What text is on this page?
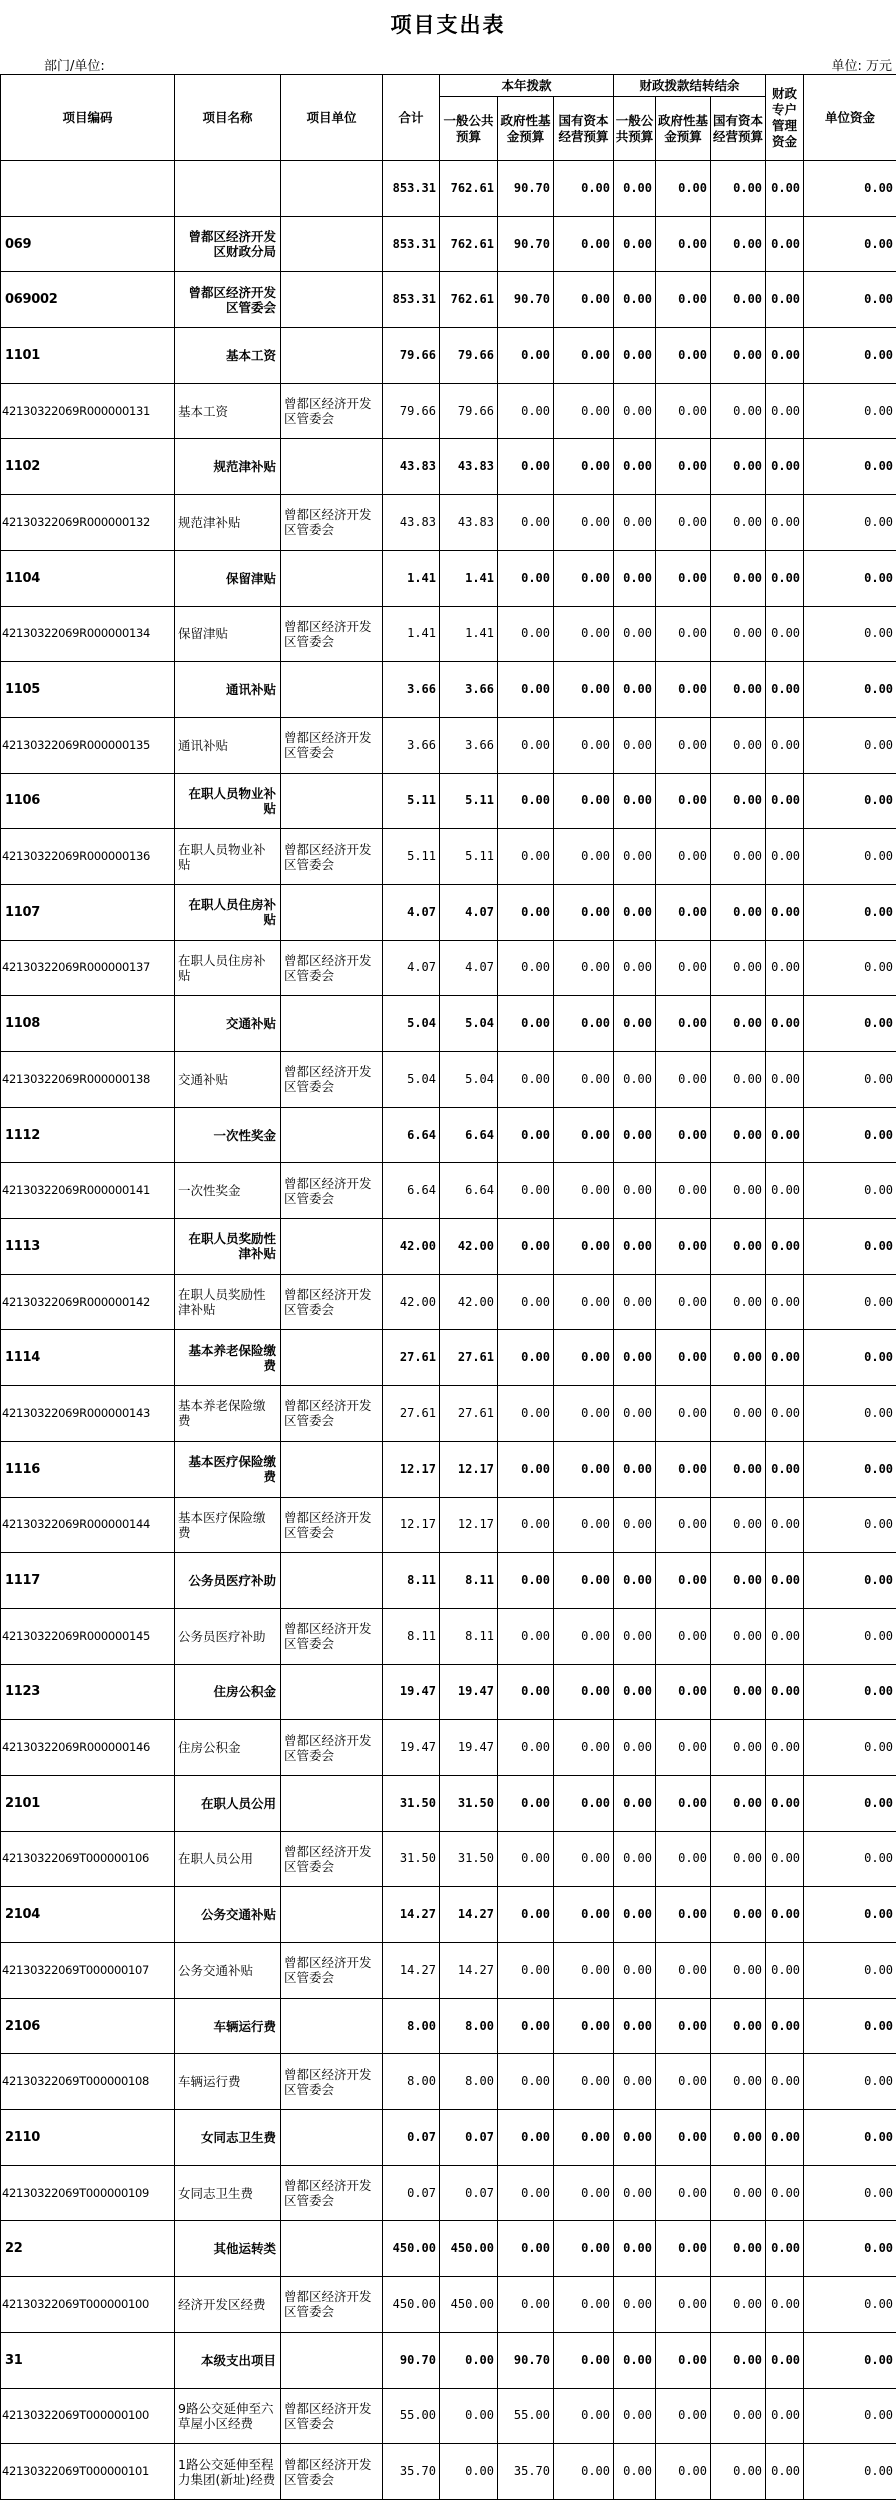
项目支出表
部门/单位:	单位: 万元
项目编码	项目名称	项目单位	合计	本年拨款			财政拨款结转结余			财政专户管理资金	单位资金
				一般公共预算	政府性基金预算	国有资本经营预算	一般公共预算	政府性基金预算	国有资本经营预算		
			853.31	762.61	90.70	0.00	0.00	0.00	0.00	0.00	0.00
069	曾都区经济开发区财政分局		853.31	762.61	90.70	0.00	0.00	0.00	0.00	0.00	0.00
069002	曾都区经济开发区管委会		853.31	762.61	90.70	0.00	0.00	0.00	0.00	0.00	0.00
1101	基本工资		79.66	79.66	0.00	0.00	0.00	0.00	0.00	0.00	0.00
42130322069R000000131	基本工资	曾都区经济开发区管委会	79.66	79.66	0.00	0.00	0.00	0.00	0.00	0.00	0.00
1102	规范津补贴		43.83	43.83	0.00	0.00	0.00	0.00	0.00	0.00	0.00
42130322069R000000132	规范津补贴	曾都区经济开发区管委会	43.83	43.83	0.00	0.00	0.00	0.00	0.00	0.00	0.00
1104	保留津贴		1.41	1.41	0.00	0.00	0.00	0.00	0.00	0.00	0.00
42130322069R000000134	保留津贴	曾都区经济开发区管委会	1.41	1.41	0.00	0.00	0.00	0.00	0.00	0.00	0.00
1105	通讯补贴		3.66	3.66	0.00	0.00	0.00	0.00	0.00	0.00	0.00
42130322069R000000135	通讯补贴	曾都区经济开发区管委会	3.66	3.66	0.00	0.00	0.00	0.00	0.00	0.00	0.00
1106	在职人员物业补贴		5.11	5.11	0.00	0.00	0.00	0.00	0.00	0.00	0.00
42130322069R000000136	在职人员物业补贴	曾都区经济开发区管委会	5.11	5.11	0.00	0.00	0.00	0.00	0.00	0.00	0.00
1107	在职人员住房补贴		4.07	4.07	0.00	0.00	0.00	0.00	0.00	0.00	0.00
42130322069R000000137	在职人员住房补贴	曾都区经济开发区管委会	4.07	4.07	0.00	0.00	0.00	0.00	0.00	0.00	0.00
1108	交通补贴		5.04	5.04	0.00	0.00	0.00	0.00	0.00	0.00	0.00
42130322069R000000138	交通补贴	曾都区经济开发区管委会	5.04	5.04	0.00	0.00	0.00	0.00	0.00	0.00	0.00
1112	一次性奖金		6.64	6.64	0.00	0.00	0.00	0.00	0.00	0.00	0.00
42130322069R000000141	一次性奖金	曾都区经济开发区管委会	6.64	6.64	0.00	0.00	0.00	0.00	0.00	0.00	0.00
1113	在职人员奖励性津补贴		42.00	42.00	0.00	0.00	0.00	0.00	0.00	0.00	0.00
42130322069R000000142	在职人员奖励性津补贴	曾都区经济开发区管委会	42.00	42.00	0.00	0.00	0.00	0.00	0.00	0.00	0.00
1114	基本养老保险缴费		27.61	27.61	0.00	0.00	0.00	0.00	0.00	0.00	0.00
42130322069R000000143	基本养老保险缴费	曾都区经济开发区管委会	27.61	27.61	0.00	0.00	0.00	0.00	0.00	0.00	0.00
1116	基本医疗保险缴费		12.17	12.17	0.00	0.00	0.00	0.00	0.00	0.00	0.00
42130322069R000000144	基本医疗保险缴费	曾都区经济开发区管委会	12.17	12.17	0.00	0.00	0.00	0.00	0.00	0.00	0.00
1117	公务员医疗补助		8.11	8.11	0.00	0.00	0.00	0.00	0.00	0.00	0.00
42130322069R000000145	公务员医疗补助	曾都区经济开发区管委会	8.11	8.11	0.00	0.00	0.00	0.00	0.00	0.00	0.00
1123	住房公积金		19.47	19.47	0.00	0.00	0.00	0.00	0.00	0.00	0.00
42130322069R000000146	住房公积金	曾都区经济开发区管委会	19.47	19.47	0.00	0.00	0.00	0.00	0.00	0.00	0.00
2101	在职人员公用		31.50	31.50	0.00	0.00	0.00	0.00	0.00	0.00	0.00
42130322069T000000106	在职人员公用	曾都区经济开发区管委会	31.50	31.50	0.00	0.00	0.00	0.00	0.00	0.00	0.00
2104	公务交通补贴		14.27	14.27	0.00	0.00	0.00	0.00	0.00	0.00	0.00
42130322069T000000107	公务交通补贴	曾都区经济开发区管委会	14.27	14.27	0.00	0.00	0.00	0.00	0.00	0.00	0.00
2106	车辆运行费		8.00	8.00	0.00	0.00	0.00	0.00	0.00	0.00	0.00
42130322069T000000108	车辆运行费	曾都区经济开发区管委会	8.00	8.00	0.00	0.00	0.00	0.00	0.00	0.00	0.00
2110	女同志卫生费		0.07	0.07	0.00	0.00	0.00	0.00	0.00	0.00	0.00
42130322069T000000109	女同志卫生费	曾都区经济开发区管委会	0.07	0.07	0.00	0.00	0.00	0.00	0.00	0.00	0.00
22	其他运转类		450.00	450.00	0.00	0.00	0.00	0.00	0.00	0.00	0.00
42130322069T000000100	经济开发区经费	曾都区经济开发区管委会	450.00	450.00	0.00	0.00	0.00	0.00	0.00	0.00	0.00
31	本级支出项目		90.70	0.00	90.70	0.00	0.00	0.00	0.00	0.00	0.00
42130322069T000000100	9路公交延伸至六草屋小区经费	曾都区经济开发区管委会	55.00	0.00	55.00	0.00	0.00	0.00	0.00	0.00	0.00
42130322069T000000101	1路公交延伸至程力集团(新址)经费	曾都区经济开发区管委会	35.70	0.00	35.70	0.00	0.00	0.00	0.00	0.00	0.00
